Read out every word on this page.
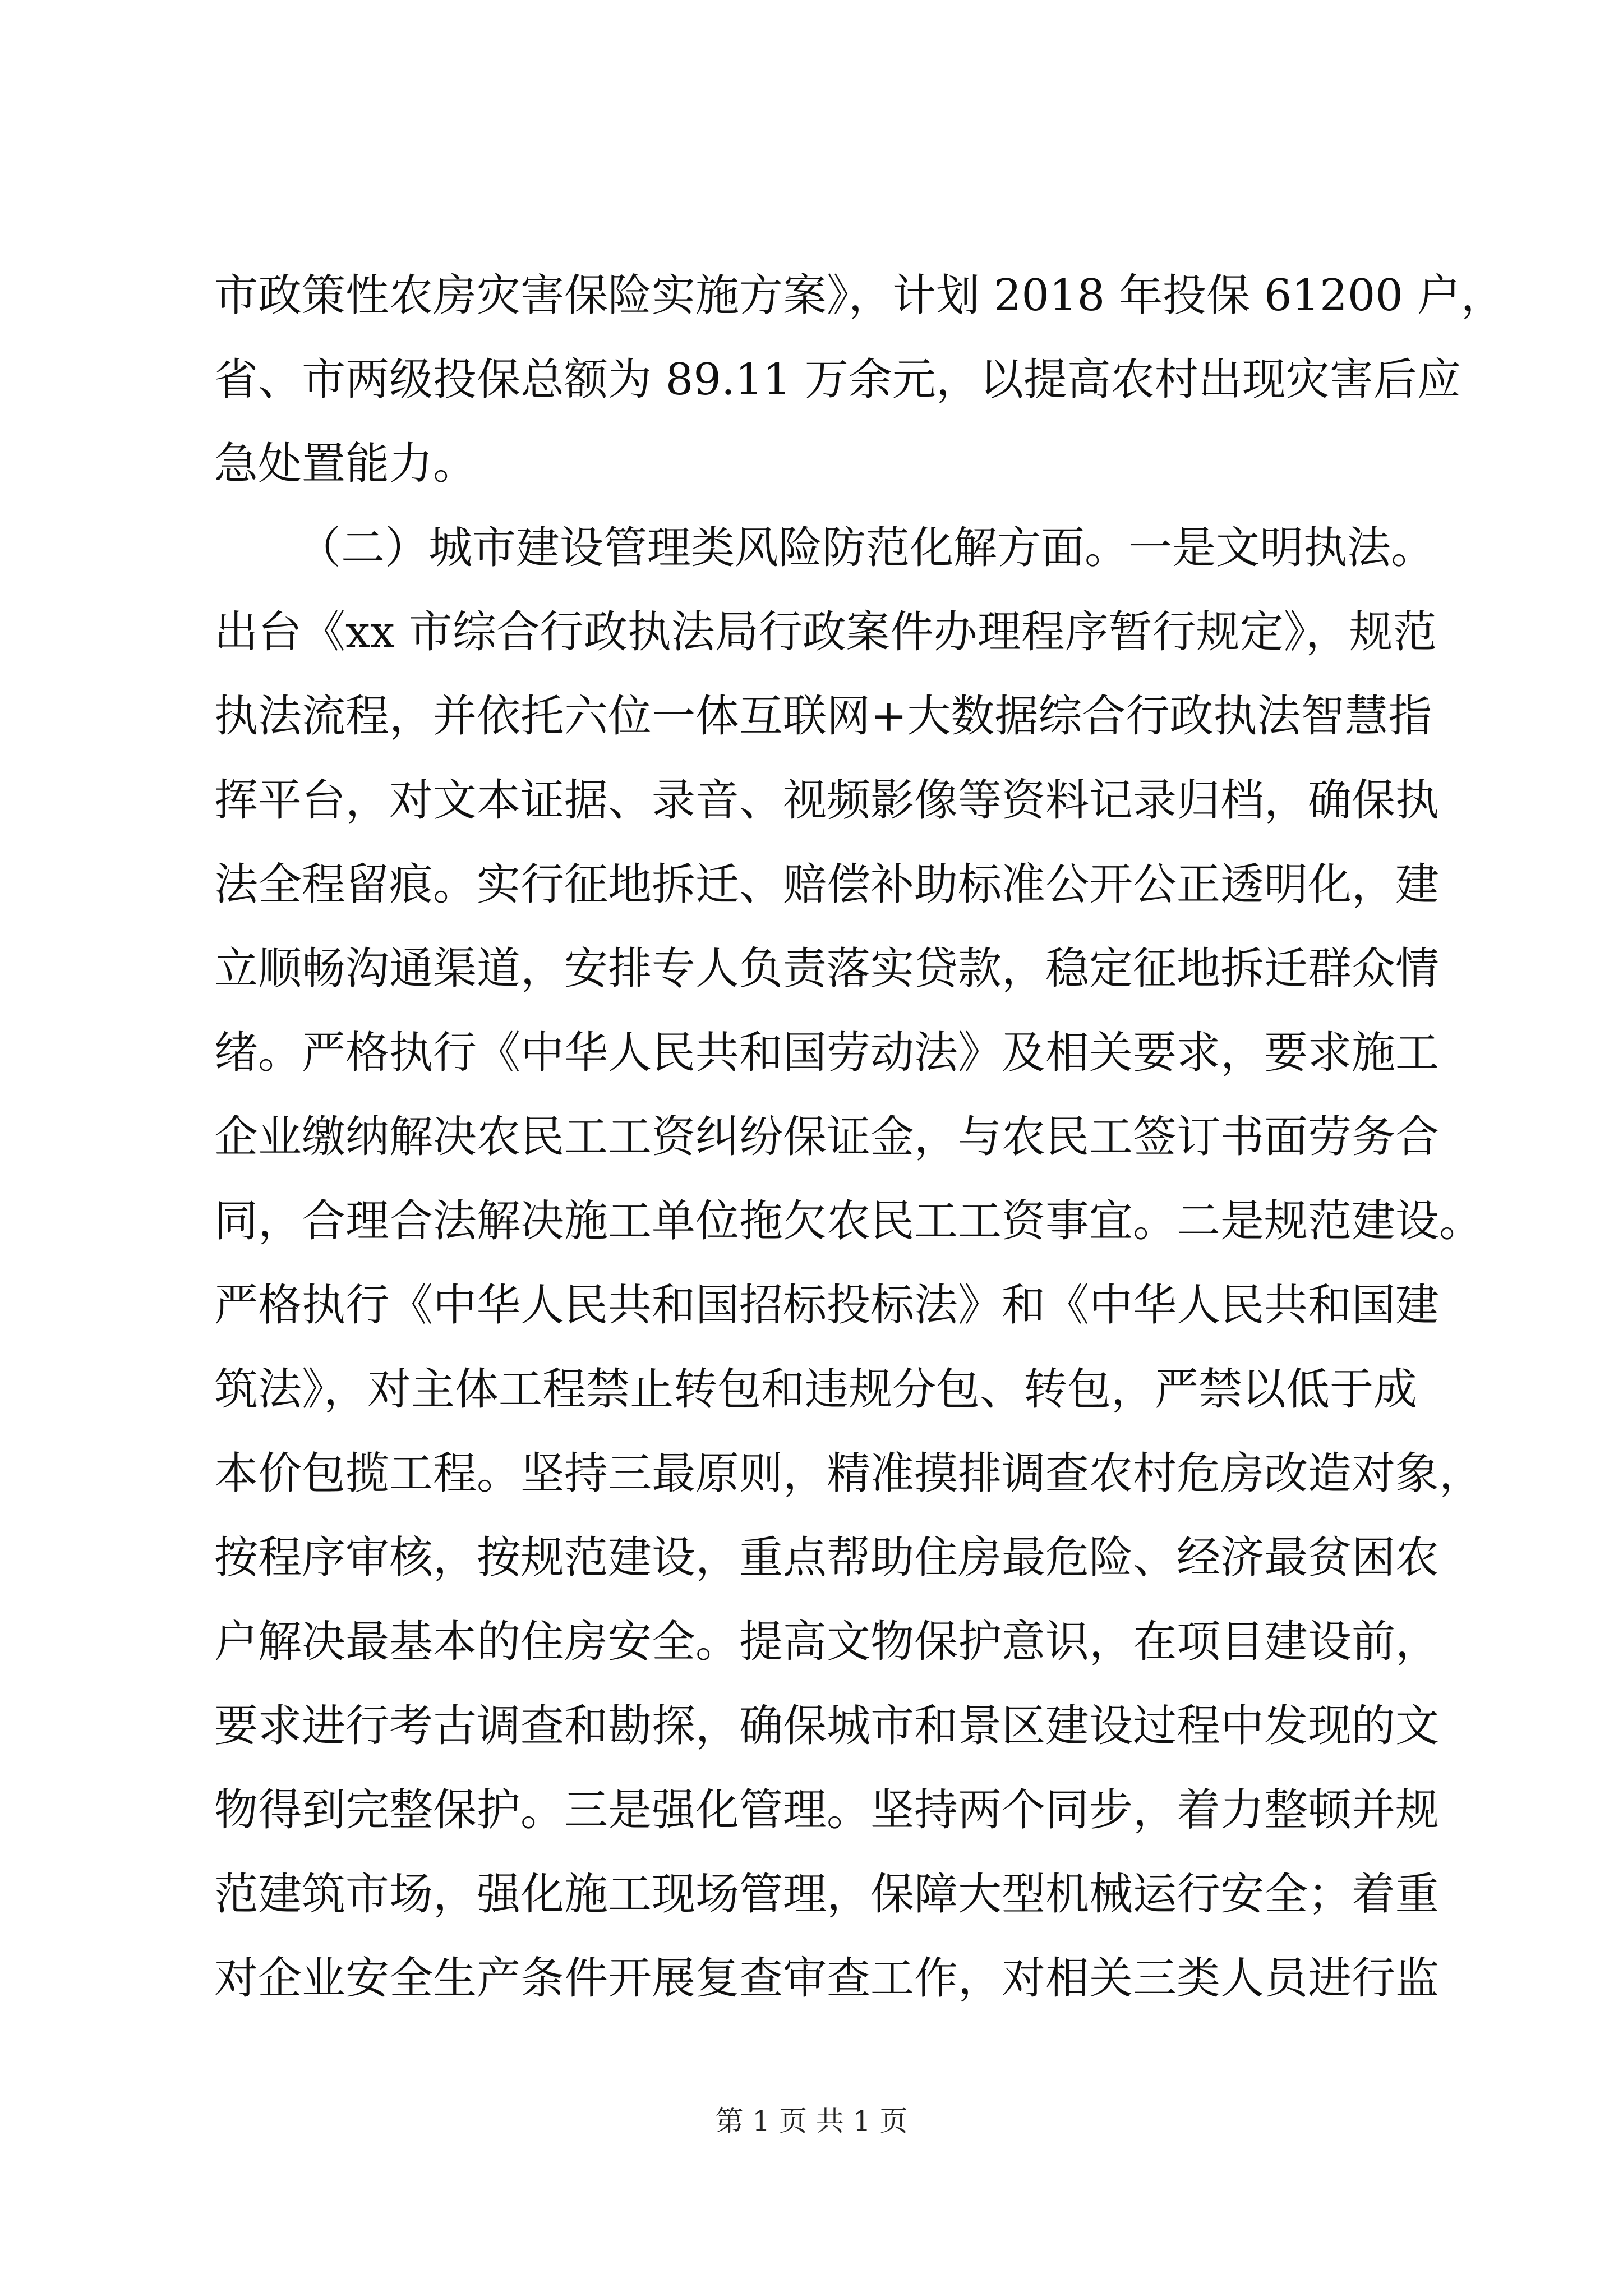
市政策性农房灾害保险实施方案》，计划 2018 年投保 61200 户，
省、市两级投保总额为 89.11 万余元，以提高农村出现灾害后应
急处置能力。
（二）城市建设管理类风险防范化解方面。一是文明执法。
出台《xx 市综合行政执法局行政案件办理程序暂行规定》，规范
执法流程，并依托六位一体互联网+大数据综合行政执法智慧指
挥平台，对文本证据、录音、视频影像等资料记录归档，确保执
法全程留痕。实行征地拆迁、赔偿补助标准公开公正透明化，建
立顺畅沟通渠道，安排专人负责落实贷款，稳定征地拆迁群众情
绪。严格执行《中华人民共和国劳动法》及相关要求，要求施工
企业缴纳解决农民工工资纠纷保证金，与农民工签订书面劳务合
同，合理合法解决施工单位拖欠农民工工资事宜。二是规范建设。
严格执行《中华人民共和国招标投标法》和《中华人民共和国建
筑法》，对主体工程禁止转包和违规分包、转包，严禁以低于成
本价包揽工程。坚持三最原则，精准摸排调查农村危房改造对象，
按程序审核，按规范建设，重点帮助住房最危险、经济最贫困农
户解决最基本的住房安全。提高文物保护意识，在项目建设前，
要求进行考古调查和勘探，确保城市和景区建设过程中发现的文
物得到完整保护。三是强化管理。坚持两个同步，着力整顿并规
范建筑市场，强化施工现场管理，保障大型机械运行安全；着重
对企业安全生产条件开展复查审查工作，对相关三类人员进行监
第 1 页 共 1 页
